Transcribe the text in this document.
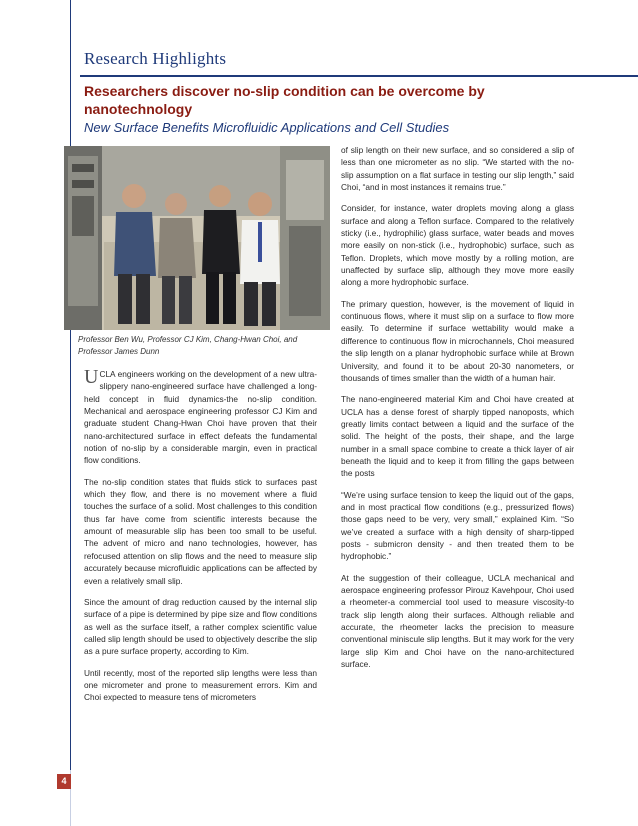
4
Research Highlights
Researchers discover no-slip condition can be overcome by nanotechnology
New Surface Benefits Microfluidic Applications and Cell Studies
Professor Ben Wu, Professor CJ Kim, Chang-Hwan Choi, and Professor James Dunn

UCLA engineers working on the development of a new ultra-slippery nano-engineered surface have challenged a long-held concept in fluid dynamics-the no-slip condition. Mechanical and aerospace engineering professor CJ Kim and graduate student Chang-Hwan Choi have proven that their nano-architectured surface in effect defeats the fundamental notion of no-slip by a considerable margin, even in practical flow conditions.

The no-slip condition states that fluids stick to surfaces past which they flow, and there is no movement where a fluid touches the surface of a solid. Most challenges to this condition thus far have come from scientific interests because the amount of measurable slip has been too small to be useful. The advent of micro and nano technologies, however, has refocused attention on slip flows and the need to measure slip accurately because microfluidic applications can be affected by even a relatively small slip.

Since the amount of drag reduction caused by the internal slip surface of a pipe is determined by pipe size and flow conditions as well as the surface itself, a rather complex scientific value called slip length should be used to objectively describe the slip as a pure surface property, according to Kim.

Until recently, most of the reported slip lengths were less than one micrometer and prone to measurement errors. Kim and Choi expected to measure tens of micrometers

of slip length on their new surface, and so considered a slip of less than one micrometer as no slip. “We started with the no-slip assumption on a flat surface in testing our slip length,” said Choi, “and in most instances it remains true.”

Consider, for instance, water droplets moving along a glass surface and along a Teflon surface. Compared to the relatively sticky (i.e., hydrophilic) glass surface, water beads and moves more easily on non-stick (i.e., hydrophobic) surface, such as Teflon. Droplets, which move mostly by a rolling motion, are unaffected by surface slip, although they move more easily along a more hydrophobic surface.

The primary question, however, is the movement of liquid in continuous flows, where it must slip on a surface to flow more easily. To determine if surface wettability would make a difference to continuous flow in microchannels, Choi measured the slip length on a planar hydrophobic surface while at Brown University, and found it to be about 20-30 nanometers, or thousands of times smaller than the width of a human hair.

The nano-engineered material Kim and Choi have created at UCLA has a dense forest of sharply tipped nanoposts, which greatly limits contact between a liquid and the surface of the solid. The height of the posts, their shape, and the large number in a small space combine to create a thick layer of air beneath the liquid and to keep it from filling the gaps between the posts

“We’re using surface tension to keep the liquid out of the gaps, and in most practical flow conditions (e.g., pressurized flows) those gaps need to be very, very small,” explained Kim. “So we’ve created a surface with a high density of sharp-tipped posts - submicron density - and then treated them to be hydrophobic.”

At the suggestion of their colleague, UCLA mechanical and aerospace engineering professor Pirouz Kavehpour, Choi used a rheometer-a commercial tool used to measure viscosity-to track slip length along their surfaces. Although reliable and accurate, the rheometer lacks the precision to measure conventional miniscule slip lengths. But it may work for the very large slip Kim and Choi have on the nano-architectured surface.
